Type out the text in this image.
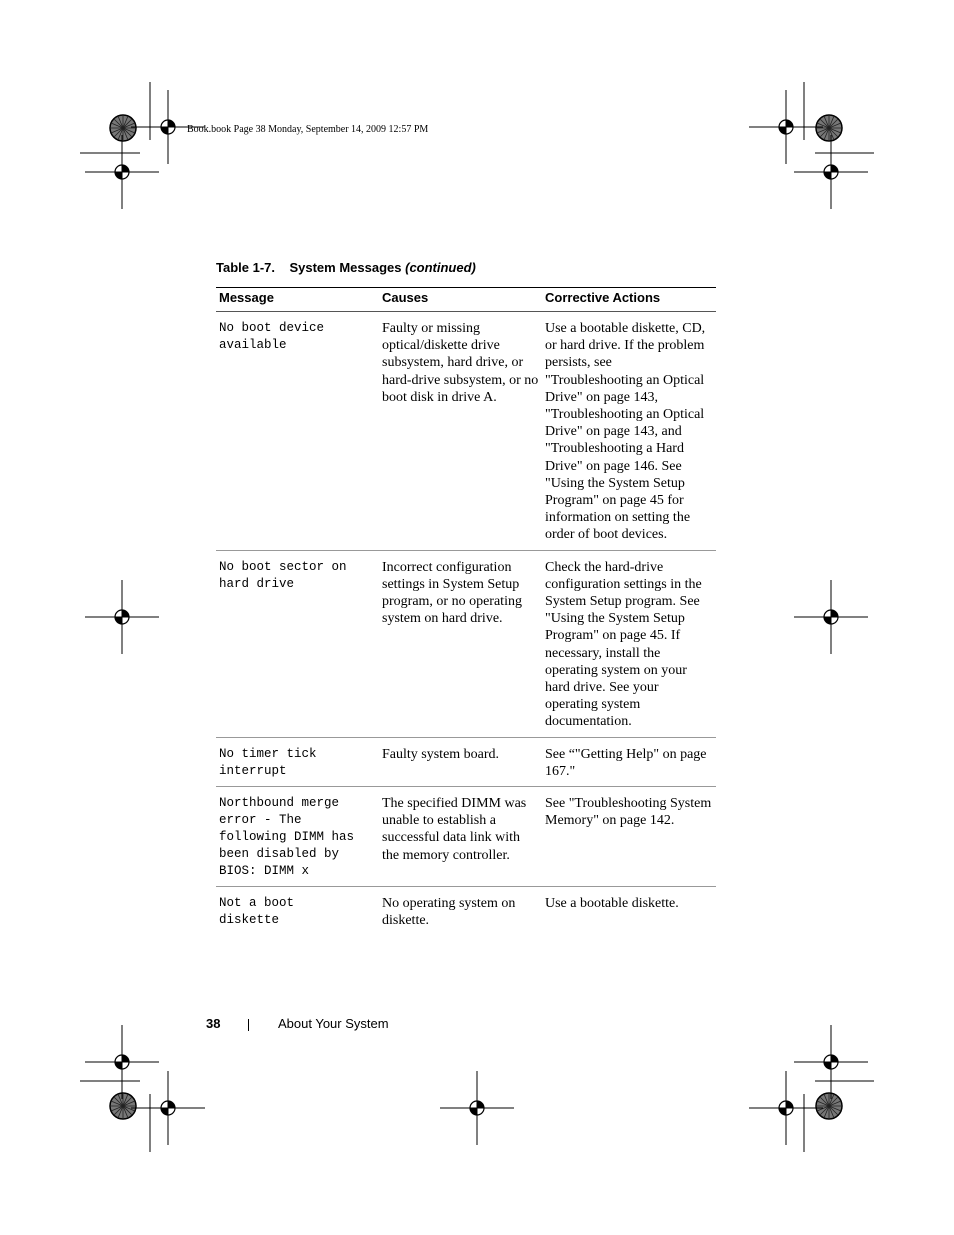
Book.book Page 38 Monday, September 14, 2009 12:57 PM
Table 1-7. System Messages (continued)
Message	Causes	Corrective Actions
No boot device
available	Faulty or missing optical/diskette drive subsystem, hard drive, or hard-drive subsystem, or no boot disk in drive A.	Use a bootable diskette, CD, or hard drive. If the problem persists, see "Troubleshooting an Optical Drive" on page 143, "Troubleshooting an Optical Drive" on page 143, and "Troubleshooting a Hard Drive" on page 146. See "Using the System Setup Program" on page 45 for information on setting the order of boot devices.
No boot sector on
hard drive	Incorrect configuration settings in System Setup program, or no operating system on hard drive.	Check the hard-drive configuration settings in the System Setup program. See "Using the System Setup Program" on page 45. If necessary, install the operating system on your hard drive. See your operating system documentation.
No timer tick
interrupt	Faulty system board.	See “"Getting Help" on page 167."
Northbound merge
error - The
following DIMM has
been disabled by
BIOS: DIMM x	The specified DIMM was unable to establish a successful data link with the memory controller.	See "Troubleshooting System Memory" on page 142.
Not a boot
diskette	No operating system on diskette.	Use a bootable diskette.
38	About Your System
